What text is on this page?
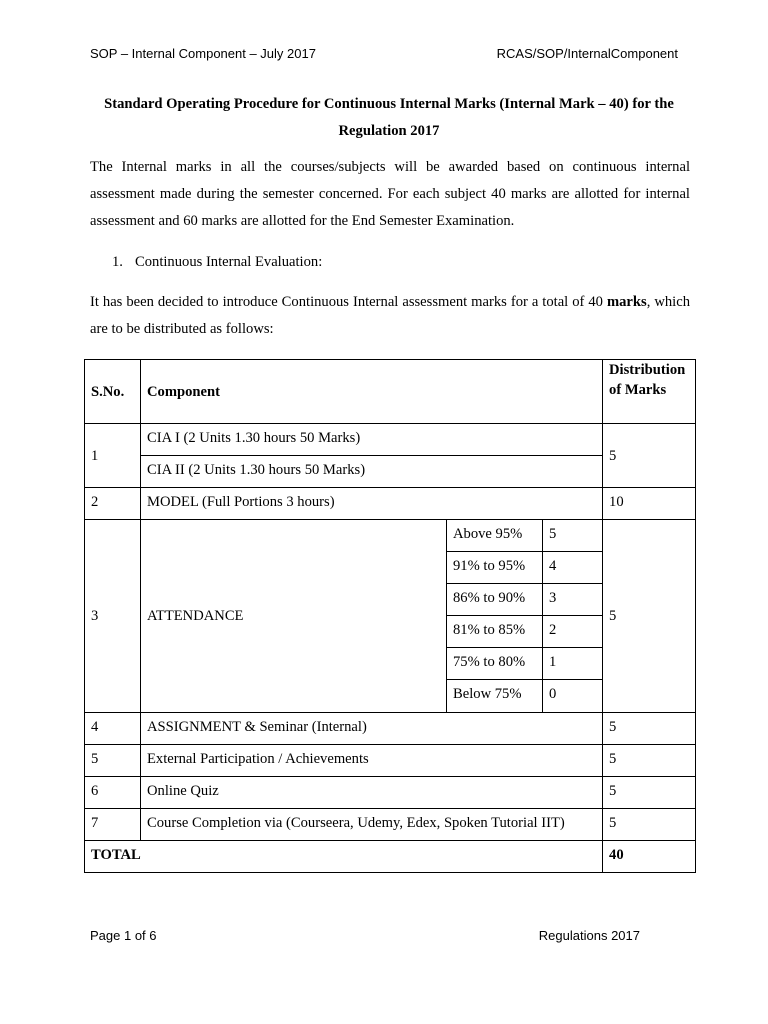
SOP – Internal Component – July 2017	RCAS/SOP/InternalComponent
Standard Operating Procedure for Continuous Internal Marks (Internal Mark – 40) for the Regulation 2017
The Internal marks in all the courses/subjects will be awarded based on continuous internal assessment made during the semester concerned. For each subject 40 marks are allotted for internal assessment and 60 marks are allotted for the End Semester Examination.
1. Continuous Internal Evaluation:
It has been decided to introduce Continuous Internal assessment marks for a total of 40 marks, which are to be distributed as follows:
S.No.	Component			Distribution
of Marks

1	CIA I (2 Units 1.30 hours 50 Marks)			5
	CIA II (2 Units 1.30 hours 50 Marks)			
2	MODEL (Full Portions 3 hours)			10
3	ATTENDANCE	Above 95%	5	5
		91% to 95%	4	
		86% to 90%	3	
		81% to 85%	2	
		75% to 80%	1	
		Below 75%	0	
4	ASSIGNMENT & Seminar (Internal)			5
5	External Participation / Achievements			5
6	Online Quiz			5
7	Course Completion via (Courseera, Udemy, Edex, Spoken Tutorial IIT)			5
TOTAL				40
Page 1 of 6	Regulations 2017
